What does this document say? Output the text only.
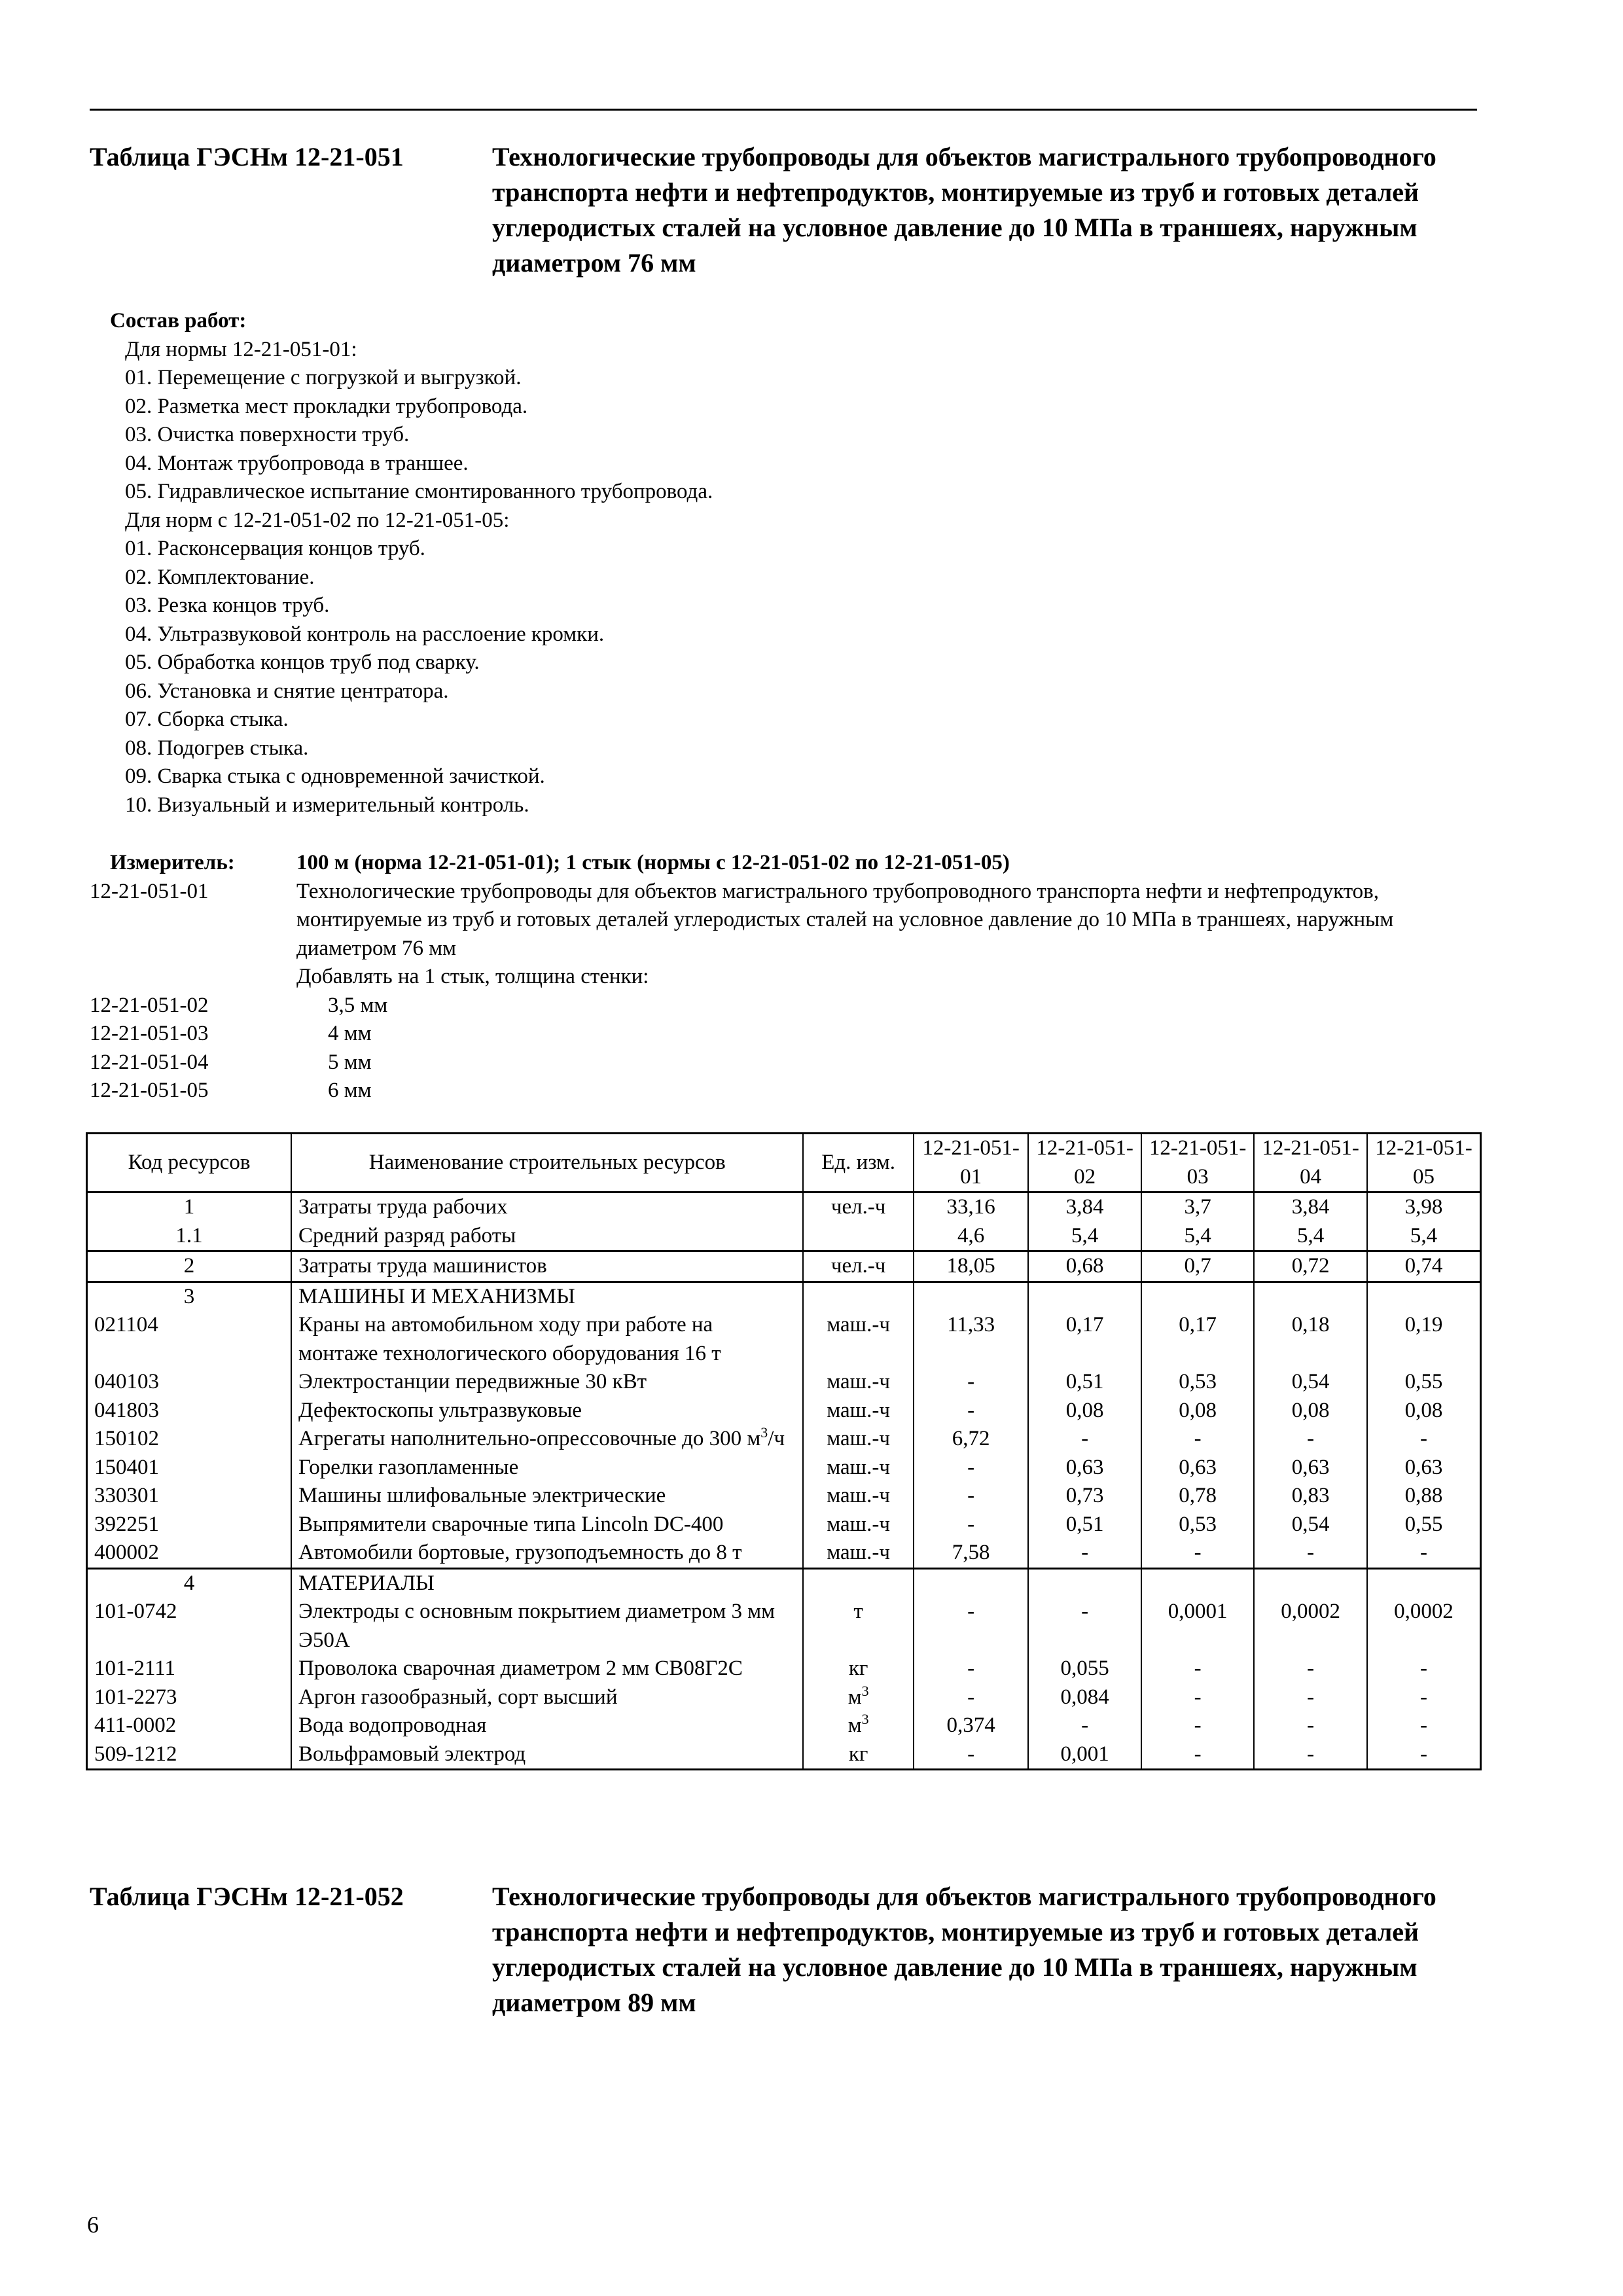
Таблица ГЭСНм 12-21-051	Технологические трубопроводы для объектов магистрального трубопроводного транспорта нефти и нефтепродуктов, монтируемые из труб и готовых деталей углеродистых сталей на условное давление до 10 МПа в траншеях, наружным диаметром 76 мм
Состав работ:
Для нормы 12-21-051-01:
01. Перемещение с погрузкой и выгрузкой.
02. Разметка мест прокладки трубопровода.
03. Очистка поверхности труб.
04. Монтаж трубопровода в траншее.
05. Гидравлическое испытание смонтированного трубопровода.
Для норм с 12-21-051-02 по 12-21-051-05:
01. Расконсервация концов труб.
02. Комплектование.
03. Резка концов труб.
04. Ультразвуковой контроль на расслоение кромки.
05. Обработка концов труб под сварку.
06. Установка и снятие центратора.
07. Сборка стыка.
08. Подогрев стыка.
09. Сварка стыка с одновременной зачисткой.
10. Визуальный и измерительный контроль.
Измеритель:	100 м (норма 12-21-051-01); 1 стык (нормы с 12-21-051-02 по 12-21-051-05)
12-21-051-01	Технологические трубопроводы для объектов магистрального трубопроводного транспорта нефти и нефтепродуктов, монтируемые из труб и готовых деталей углеродистых сталей на условное давление до 10 МПа в траншеях, наружным диаметром 76 мм
Добавлять на 1 стык, толщина стенки:
12-21-051-02	3,5 мм
12-21-051-03	4 мм
12-21-051-04	5 мм
12-21-051-05	6 мм
Код ресурсов	Наименование строительных ресурсов	Ед. изм.	12-21-051-01	12-21-051-02	12-21-051-03	12-21-051-04	12-21-051-05
1	Затраты труда рабочих	чел.-ч	33,16	3,84	3,7	3,84	3,98
1.1	Средний разряд работы		4,6	5,4	5,4	5,4	5,4
2	Затраты труда машинистов	чел.-ч	18,05	0,68	0,7	0,72	0,74
3	МАШИНЫ И МЕХАНИЗМЫ						
021104	Краны на автомобильном ходу при работе на монтаже технологического оборудования 16 т	маш.-ч	11,33	0,17	0,17	0,18	0,19
040103	Электростанции передвижные 30 кВт	маш.-ч	-	0,51	0,53	0,54	0,55
041803	Дефектоскопы ультразвуковые	маш.-ч	-	0,08	0,08	0,08	0,08
150102	Агрегаты наполнительно-опрессовочные до 300 $м^3/ч$	маш.-ч	6,72	-	-	-	-
150401	Горелки газопламенные	маш.-ч	-	0,63	0,63	0,63	0,63
330301	Машины шлифовальные электрические	маш.-ч	-	0,73	0,78	0,83	0,88
392251	Выпрямители сварочные типа Lincoln DC-400	маш.-ч	-	0,51	0,53	0,54	0,55
400002	Автомобили бортовые, грузоподъемность до 8 т	маш.-ч	7,58	-	-	-	-
4	МАТЕРИАЛЫ						
101-0742	Электроды с основным покрытием диаметром 3 мм Э50А	т	-	-	0,0001	0,0002	0,0002
101-2111	Проволока сварочная диаметром 2 мм СВ08Г2С	кг	-	0,055	-	-	-
101-2273	Аргон газообразный, сорт высший	$м^3$	-	0,084	-	-	-
411-0002	Вода водопроводная	$м^3$	0,374	-	-	-	-
509-1212	Вольфрамовый электрод	кг	-	0,001	-	-	-
Таблица ГЭСНм 12-21-052	Технологические трубопроводы для объектов магистрального трубопроводного транспорта нефти и нефтепродуктов, монтируемые из труб и готовых деталей углеродистых сталей на условное давление до 10 МПа в траншеях, наружным диаметром 89 мм
6
